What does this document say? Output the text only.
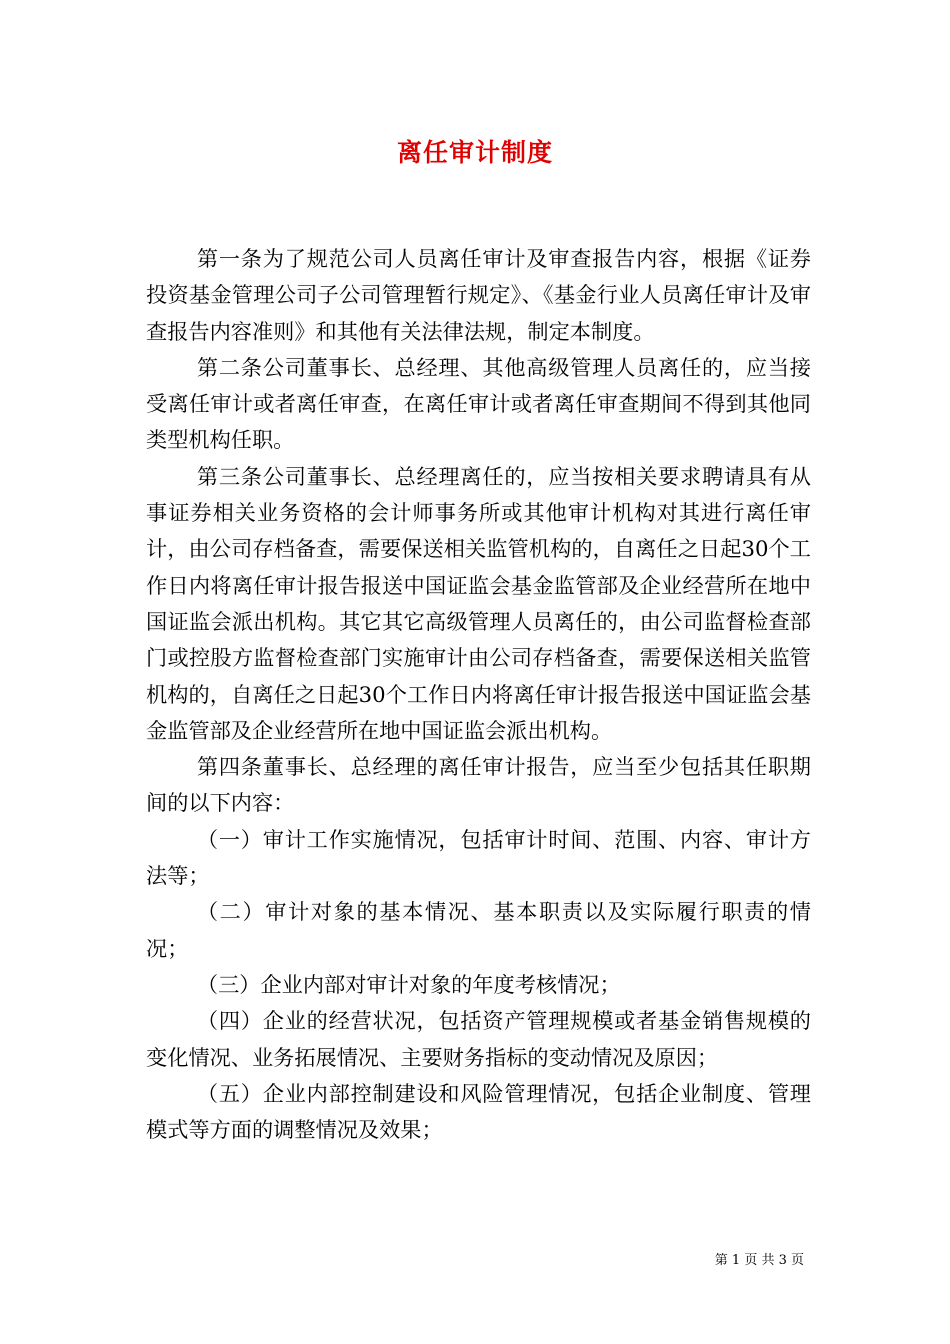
离任审计制度

第一条为了规范公司人员离任审计及审查报告内容，根据《证券投资基金管理公司子公司管理暂行规定》、《基金行业人员离任审计及审查报告内容准则》和其他有关法律法规，制定本制度。

第二条公司董事长、总经理、其他高级管理人员离任的，应当接受离任审计或者离任审查，在离任审计或者离任审查期间不得到其他同类型机构任职。

第三条公司董事长、总经理离任的，应当按相关要求聘请具有从事证券相关业务资格的会计师事务所或其他审计机构对其进行离任审计，由公司存档备查，需要保送相关监管机构的，自离任之日起30个工作日内将离任审计报告报送中国证监会基金监管部及企业经营所在地中国证监会派出机构。其它其它高级管理人员离任的，由公司监督检查部门或控股方监督检查部门实施审计由公司存档备查，需要保送相关监管机构的，自离任之日起30个工作日内将离任审计报告报送中国证监会基金监管部及企业经营所在地中国证监会派出机构。

第四条董事长、总经理的离任审计报告，应当至少包括其任职期间的以下内容：

（一）审计工作实施情况，包括审计时间、范围、内容、审计方法等；

（二）审计对象的基本情况、基本职责以及实际履行职责的情况；

（三）企业内部对审计对象的年度考核情况；

（四）企业的经营状况，包括资产管理规模或者基金销售规模的变化情况、业务拓展情况、主要财务指标的变动情况及原因；

（五）企业内部控制建设和风险管理情况，包括企业制度、管理模式等方面的调整情况及效果；

第 1 页 共 3 页
